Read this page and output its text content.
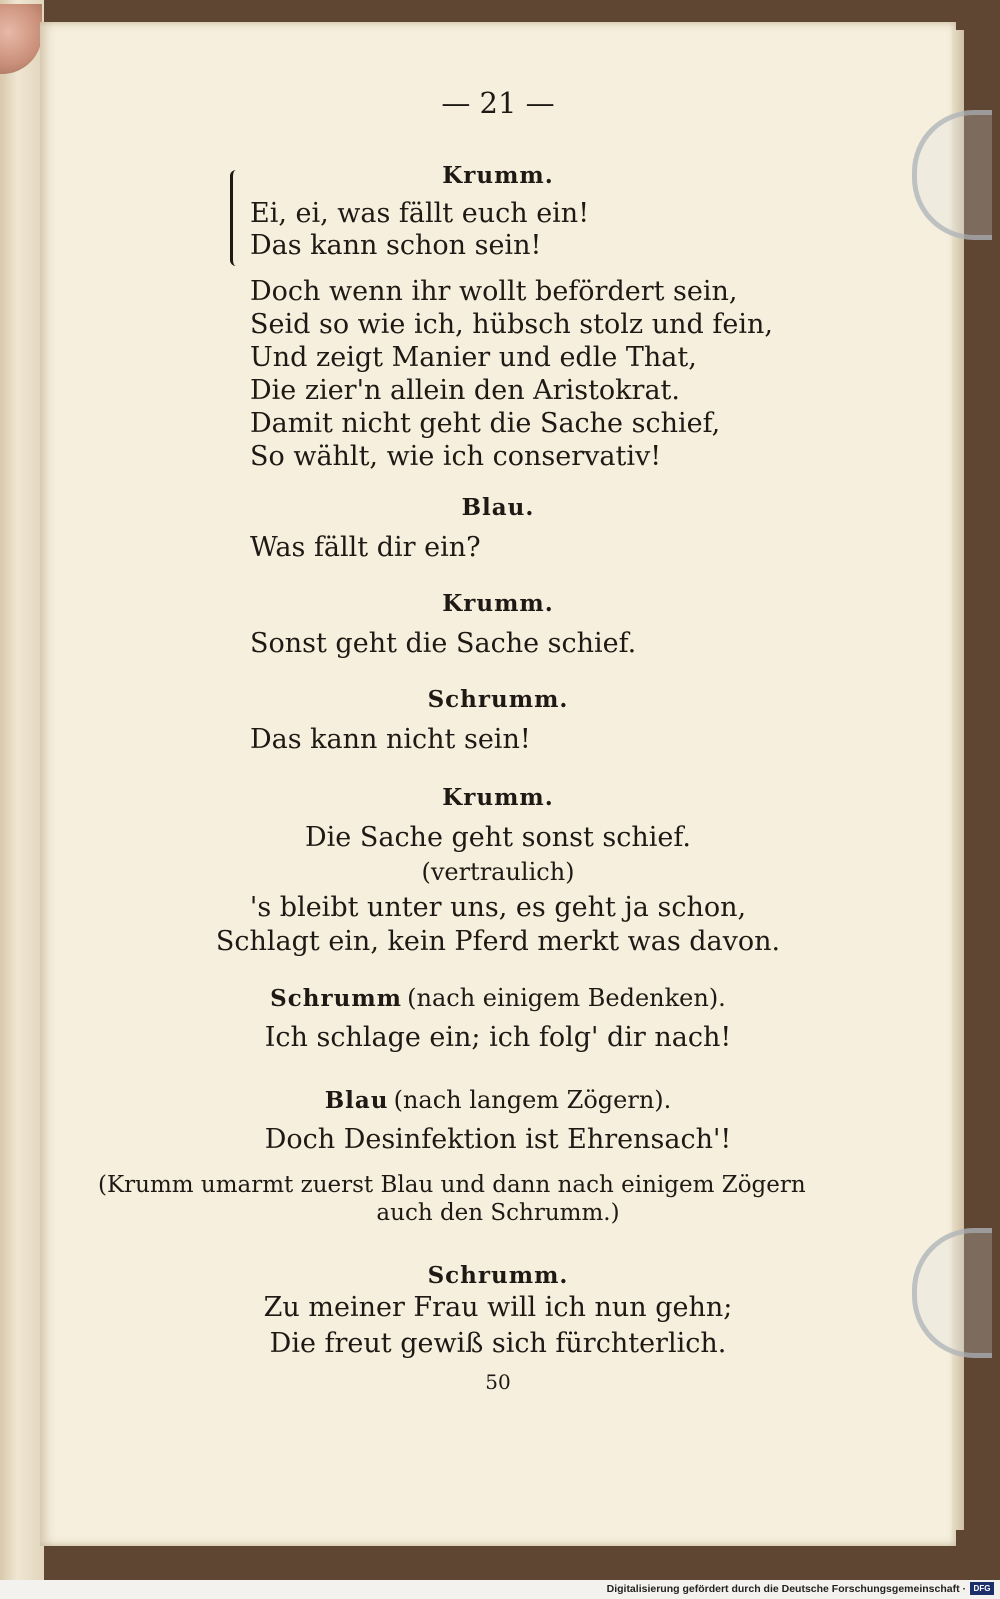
— 21 —
Krumm.
Ei, ei, was fällt euch ein!
Das kann schon sein!
Doch wenn ihr wollt befördert sein,
Seid so wie ich, hübsch stolz und fein,
Und zeigt Manier und edle That,
Die zier'n allein den Aristokrat.
Damit nicht geht die Sache schief,
So wählt, wie ich conservativ!
Blau.
Was fällt dir ein?
Krumm.
Sonst geht die Sache schief.
Schrumm.
Das kann nicht sein!
Krumm.
Die Sache geht sonst schief.
(vertraulich)
's bleibt unter uns, es geht ja schon,
Schlagt ein, kein Pferd merkt was davon.
Schrumm (nach einigem Bedenken).
Ich schlage ein; ich folg' dir nach!
Blau (nach langem Zögern).
Doch Desinfektion ist Ehrensach'!
(Krumm umarmt zuerst Blau und dann nach einigem Zögern
auch den Schrumm.)
Schrumm.
Zu meiner Frau will ich nun gehn;
Die freut gewiß sich fürchterlich.
50
Digitalisierung gefördert durch die Deutsche Forschungsgemeinschaft · DFG
